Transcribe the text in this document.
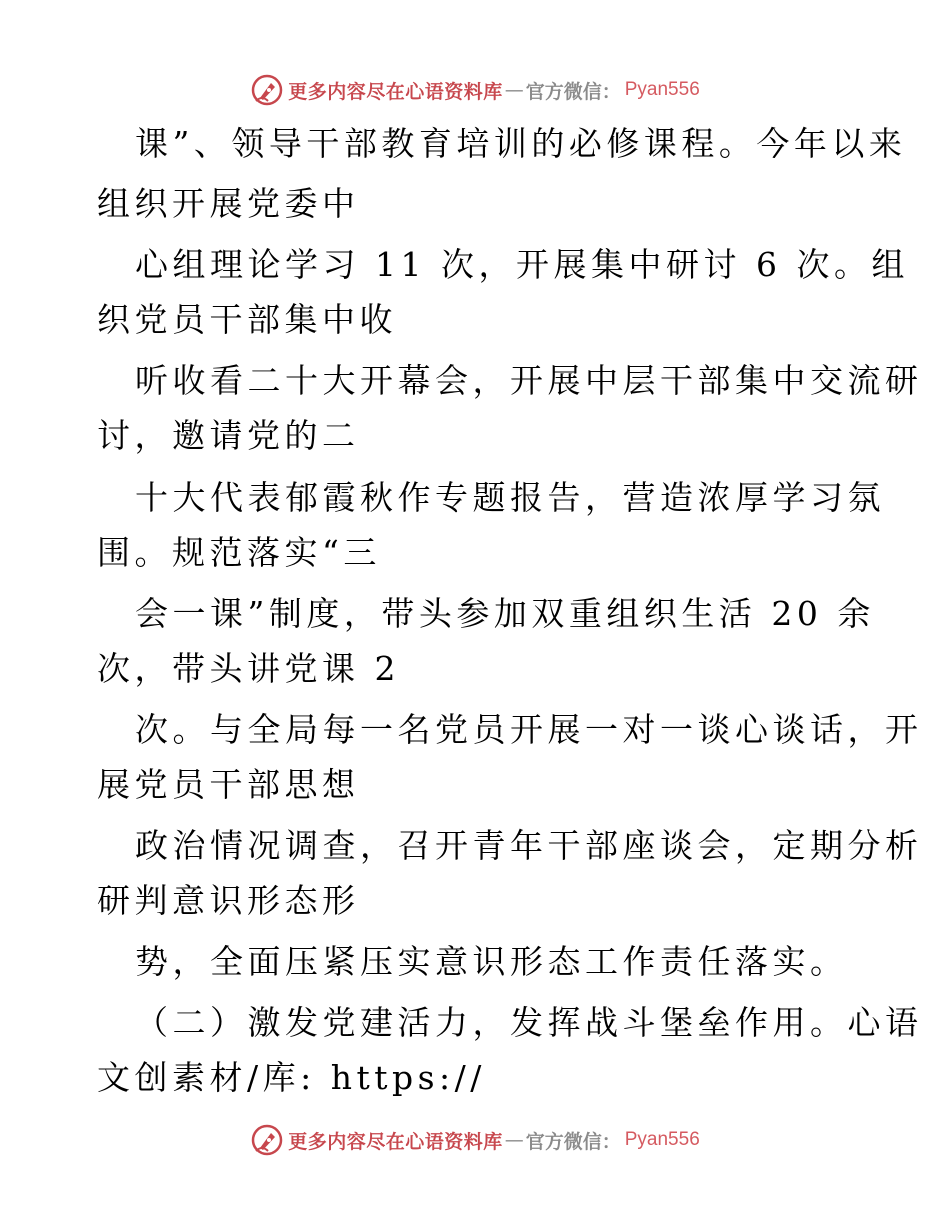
更多内容尽在心语资料库 — 官方微信： Pyan556
课”、领导干部教育培训的必修课程。今年以来
组织开展党委中
心组理论学习 11 次，开展集中研讨 6 次。组
织党员干部集中收
听收看二十大开幕会，开展中层干部集中交流研
讨，邀请党的二
十大代表郁霞秋作专题报告，营造浓厚学习氛
围。规范落实“三
会一课”制度，带头参加双重组织生活 20 余
次，带头讲党课 2
次。与全局每一名党员开展一对一谈心谈话，开
展党员干部思想
政治情况调查，召开青年干部座谈会，定期分析
研判意识形态形
势，全面压紧压实意识形态工作责任落实。
（二）激发党建活力，发挥战斗堡垒作用。心语
文创素材/库: https://
更多内容尽在心语资料库 — 官方微信： Pyan556
